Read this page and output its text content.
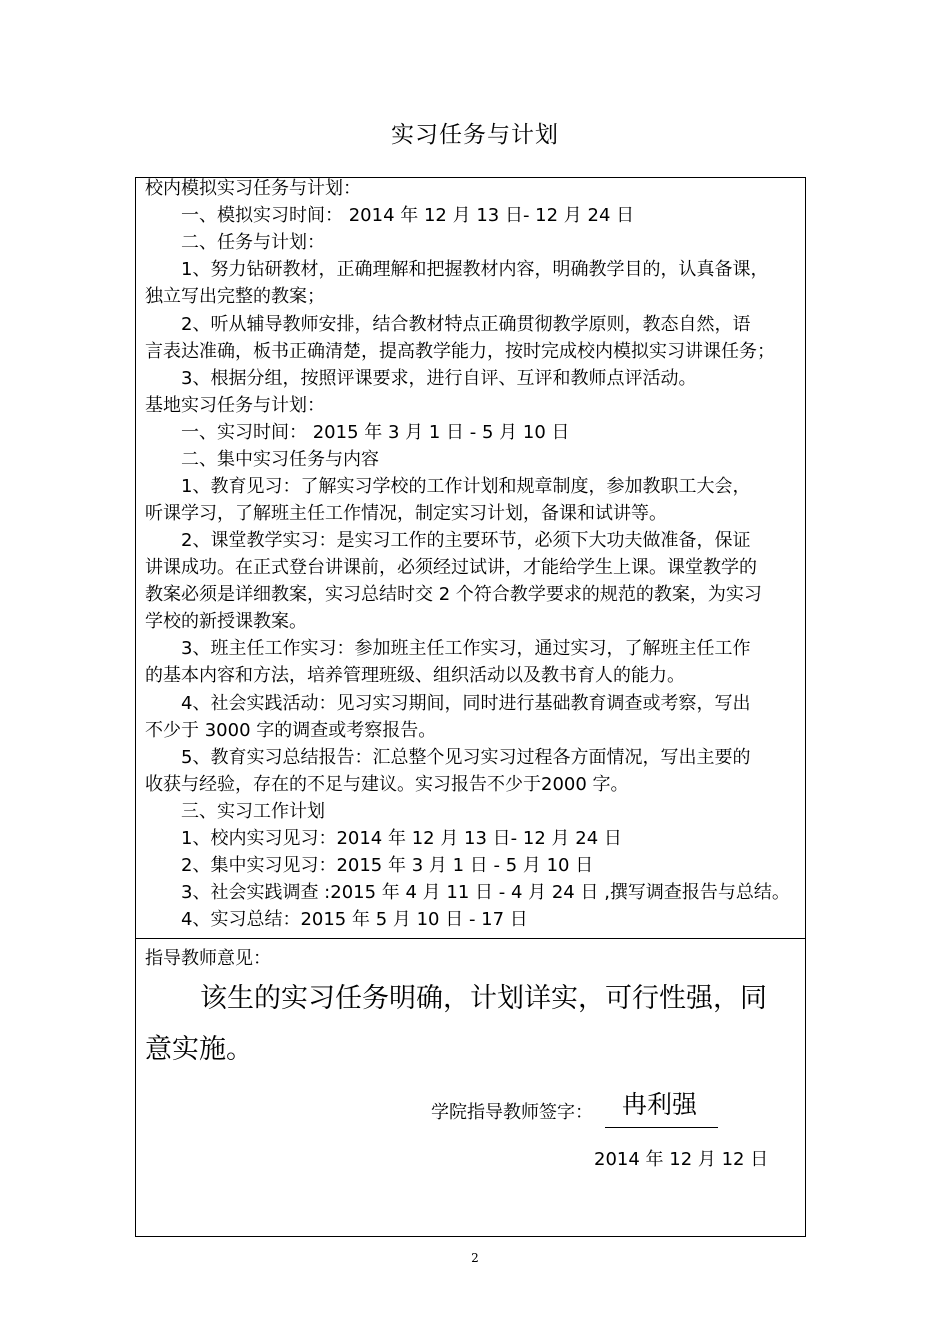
实习任务与计划
校内模拟实习任务与计划：
一、模拟实习时间： 2014 年 12 月 13 日- 12 月 24 日
二、任务与计划：
1、努力钻研教材，正确理解和把握教材内容，明确教学目的，认真备课，
独立写出完整的教案；
2、听从辅导教师安排，结合教材特点正确贯彻教学原则，教态自然，语
言表达准确，板书正确清楚，提高教学能力，按时完成校内模拟实习讲课任务；
3、根据分组，按照评课要求，进行自评、互评和教师点评活动。
基地实习任务与计划：
一、实习时间： 2015 年 3 月 1 日 - 5 月 10 日
二、集中实习任务与内容
1、教育见习：了解实习学校的工作计划和规章制度，参加教职工大会，
听课学习，了解班主任工作情况，制定实习计划，备课和试讲等。
2、课堂教学实习：是实习工作的主要环节，必须下大功夫做准备，保证
讲课成功。在正式登台讲课前，必须经过试讲，才能给学生上课。课堂教学的
教案必须是详细教案，实习总结时交 2 个符合教学要求的规范的教案，为实习
学校的新授课教案。
3、班主任工作实习：参加班主任工作实习，通过实习，了解班主任工作
的基本内容和方法，培养管理班级、组织活动以及教书育人的能力。
4、社会实践活动：见习实习期间，同时进行基础教育调查或考察，写出
不少于 3000 字的调查或考察报告。
5、教育实习总结报告：汇总整个见习实习过程各方面情况，写出主要的
收获与经验，存在的不足与建议。实习报告不少于2000 字。
三、实习工作计划
1、校内实习见习：2014 年 12 月 13 日- 12 月 24 日
2、集中实习见习：2015 年 3 月 1 日 - 5 月 10 日
3、社会实践调查 :2015 年 4 月 11 日 - 4 月 24 日 ,撰写调查报告与总结。
4、实习总结：2015 年 5 月 10 日 - 17 日
指导教师意见：
该生的实习任务明确，计划详实，可行性强，同
意实施。
学院指导教师签字： 冉利强
2014 年 12 月 12 日
2
